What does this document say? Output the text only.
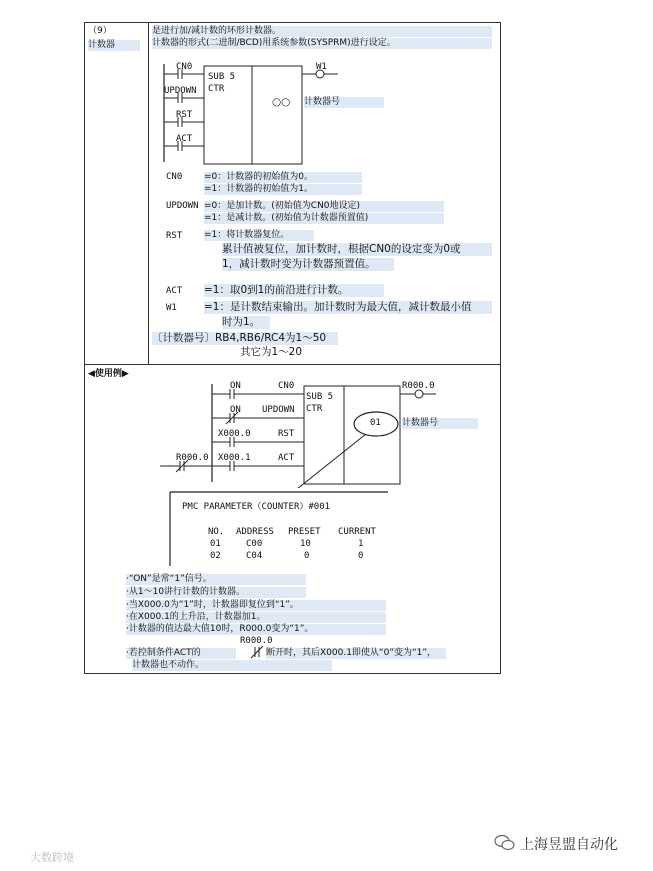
（9）
计数器
是进行加/减计数的环形计数器。
计数器的形式(二进制/BCD)用系统参数(SYSPRM)进行设定。
CN0
UPDOWN
RST
ACT
SUB 5
CTR
○○
W1
计数器号
CN0 =0：计数器的初始值为0。
=1：计数器的初始值为1。
UPDOWN =0：是加计数。(初始值为CN0地设定)
=1：是减计数。(初始值为计数器预置值)
RST =1：将计数器复位。
累计值被复位，加计数时，根据CN0的设定变为0或
1，减计数时变为计数器预置值。
ACT =1：取0到1的前沿进行计数。
W1	=1：是计数结束输出。加计数时为最大值，减计数最小值
时为1。
〔计数器号〕RB4,RB6/RC4为1～50
其它为1～20
◀使用例▶
ON
ON
X000.0
X000.1
R000.0
CN0
UPDOWN
RST
ACT
SUB 5
CTR
01
R000.0
计数器号
PMC PARAMETER（COUNTER）#001
NO. ADDRESS PRESET CURRENT
01	C00	10	1
02	C04	0	0
·“ON”是常“1”信号。
·从1～10讲行计数的计数器。
·当X000.0为“1”时，计数器即复位到“1”。
·在X000.1的上升沿，计数器加1。
·计数器的值达最大值10时，R000.0变为“1”。
R000.0
·若控制条件ACT的	断开时，其后X000.1即使从“0”变为“1”，
计数器也不动作。
大数跨境
上海昱盟自动化
